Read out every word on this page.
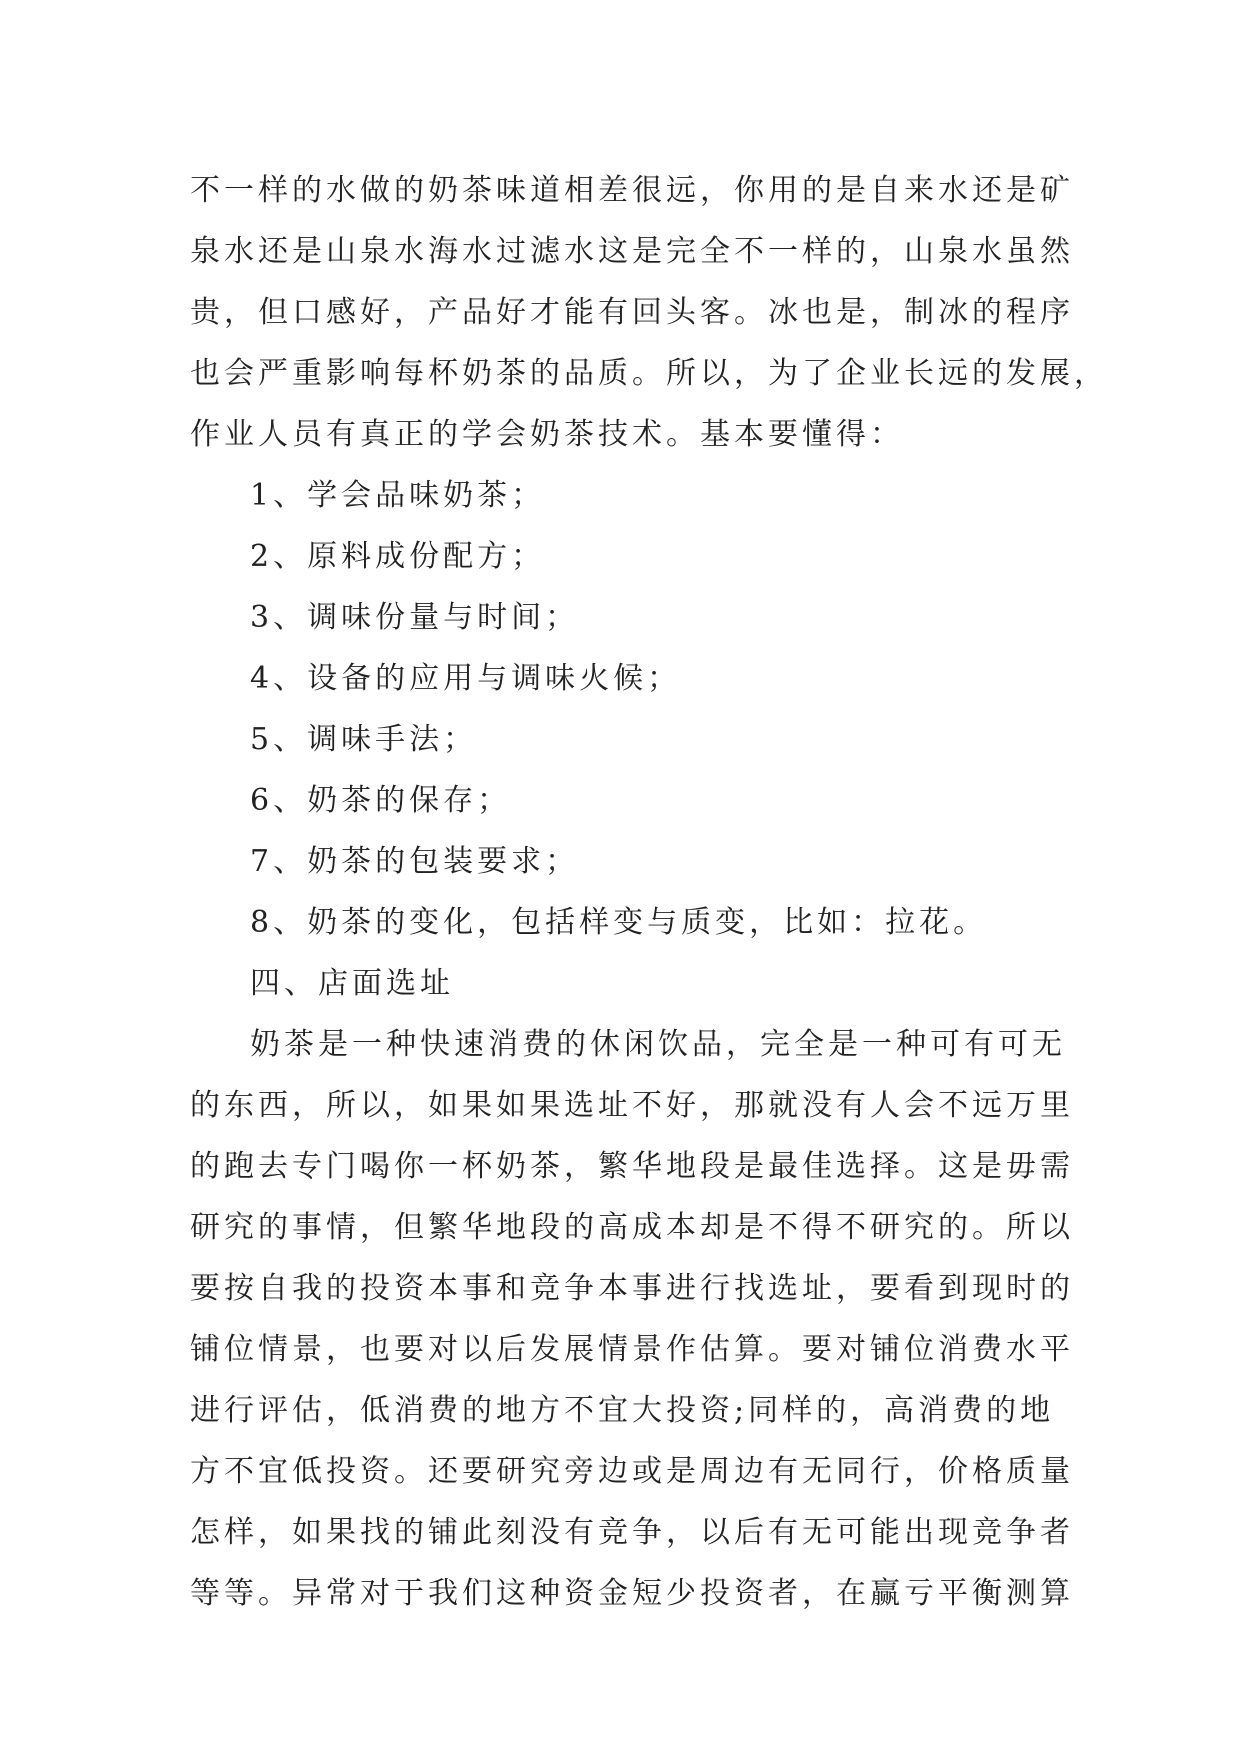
不一样的水做的奶茶味道相差很远，你用的是自来水还是矿
泉水还是山泉水海水过滤水这是完全不一样的，山泉水虽然
贵，但口感好，产品好才能有回头客。冰也是，制冰的程序
也会严重影响每杯奶茶的品质。所以，为了企业长远的发展，
作业人员有真正的学会奶茶技术。基本要懂得：
1、学会品味奶茶；
2、原料成份配方；
3、调味份量与时间；
4、设备的应用与调味火候；
5、调味手法；
6、奶茶的保存；
7、奶茶的包装要求；
8、奶茶的变化，包括样变与质变，比如：拉花。
四、店面选址
奶茶是一种快速消费的休闲饮品，完全是一种可有可无
的东西，所以，如果如果选址不好，那就没有人会不远万里
的跑去专门喝你一杯奶茶，繁华地段是最佳选择。这是毋需
研究的事情，但繁华地段的高成本却是不得不研究的。所以
要按自我的投资本事和竞争本事进行找选址，要看到现时的
铺位情景，也要对以后发展情景作估算。要对铺位消费水平
进行评估，低消费的地方不宜大投资;同样的，高消费的地
方不宜低投资。还要研究旁边或是周边有无同行，价格质量
怎样，如果找的铺此刻没有竞争，以后有无可能出现竞争者
等等。异常对于我们这种资金短少投资者，在赢亏平衡测算
